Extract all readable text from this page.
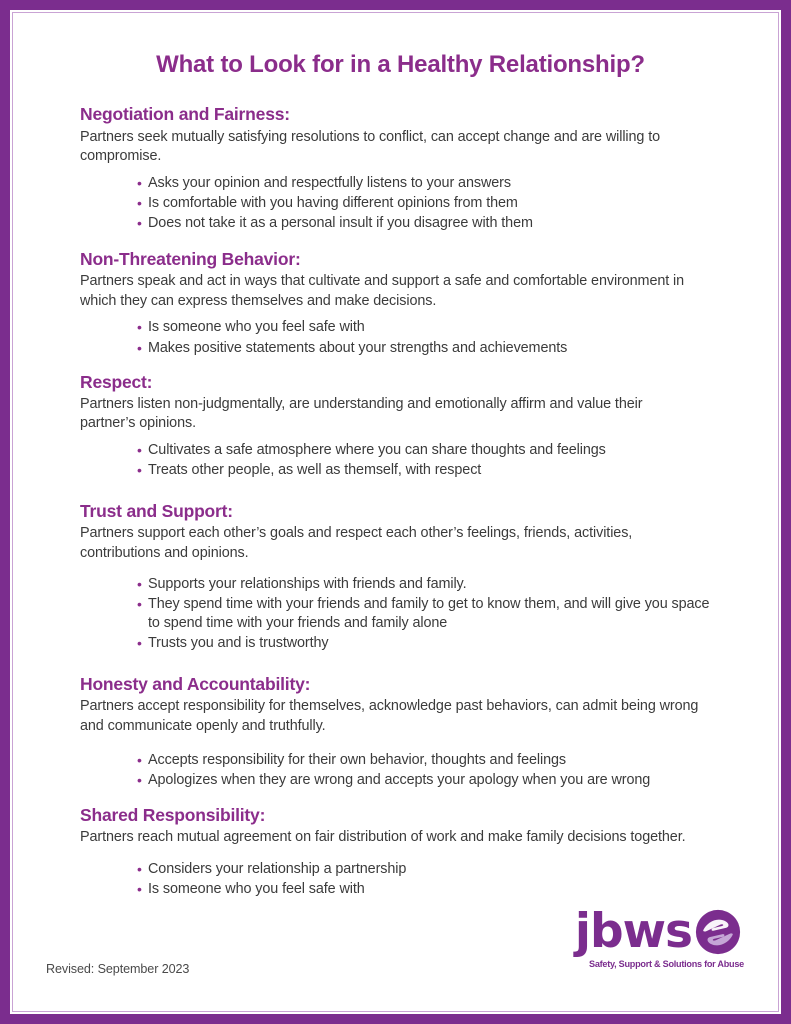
What to Look for in a Healthy Relationship?
Negotiation and Fairness:

Partners seek mutually satisfying resolutions to conflict, can accept change and are willing to compromise.

• Asks your opinion and respectfully listens to your answers
• Is comfortable with you having different opinions from them
• Does not take it as a personal insult if you disagree with them
Non-Threatening Behavior:

Partners speak and act in ways that cultivate and support a safe and comfortable environment in which they can express themselves and make decisions.

• Is someone who you feel safe with
• Makes positive statements about your strengths and achievements
Respect:

Partners listen non-judgmentally, are understanding and emotionally affirm and value their partner’s opinions.

• Cultivates a safe atmosphere where you can share thoughts and feelings
• Treats other people, as well as themself, with respect
Trust and Support:

Partners support each other’s goals and respect each other’s feelings, friends, activities, contributions and opinions.

• Supports your relationships with friends and family.
• They spend time with your friends and family to get to know them, and will give you space to spend time with your friends and family alone
• Trusts you and is trustworthy
Honesty and Accountability:

Partners accept responsibility for themselves, acknowledge past behaviors, can admit being wrong and communicate openly and truthfully.

• Accepts responsibility for their own behavior, thoughts and feelings
• Apologizes when they are wrong and accepts your apology when you are wrong
Shared Responsibility:

Partners reach mutual agreement on fair distribution of work and make family decisions together.

• Considers your relationship a partnership
• Is someone who you feel safe with
Revised: September 2023
jbws
Safety, Support & Solutions for Abuse
